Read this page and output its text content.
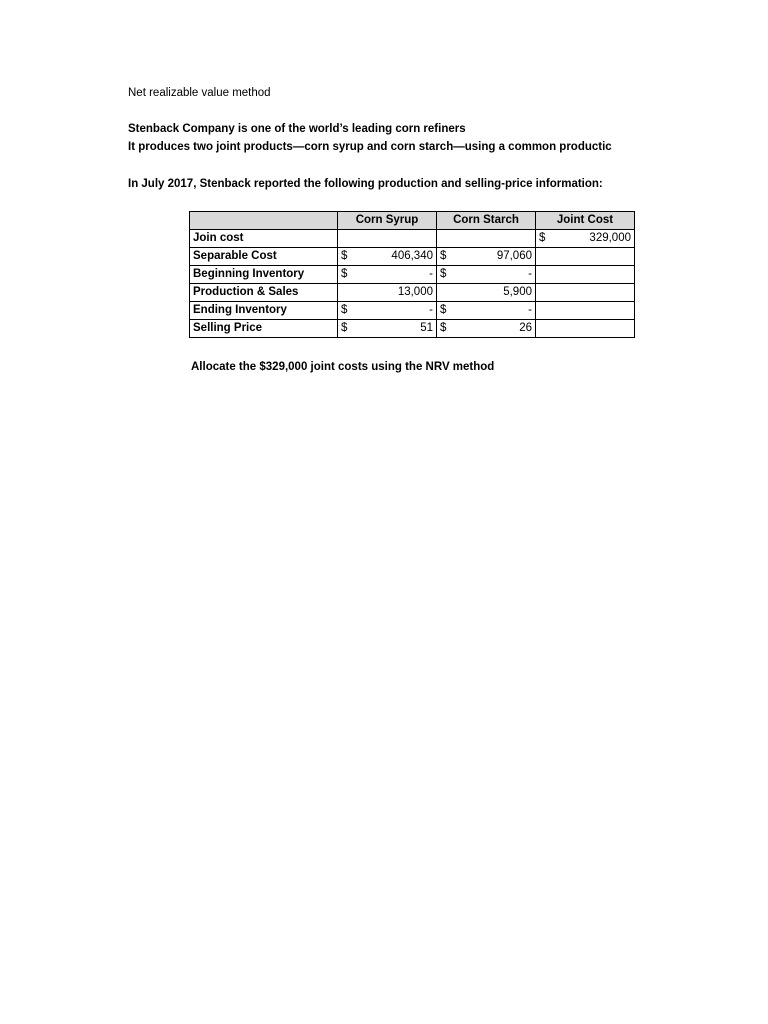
Net realizable value method
Stenback Company is one of the world’s leading corn refiners
It produces two joint products—corn syrup and corn starch—using a common productic
In July 2017, Stenback reported the following production and selling-price information:
	Corn Syrup	Corn Starch	Joint Cost
Join cost			$ 329,000

Separable Cost	$ 406,340	$ 97,060	

Beginning Inventory	$ -	$ -	

Production & Sales	13,000	5,900	

Ending Inventory	$ -	$ -	

Selling Price	$ 51	$ 26	

Allocate the $329,000 joint costs using the NRV method
